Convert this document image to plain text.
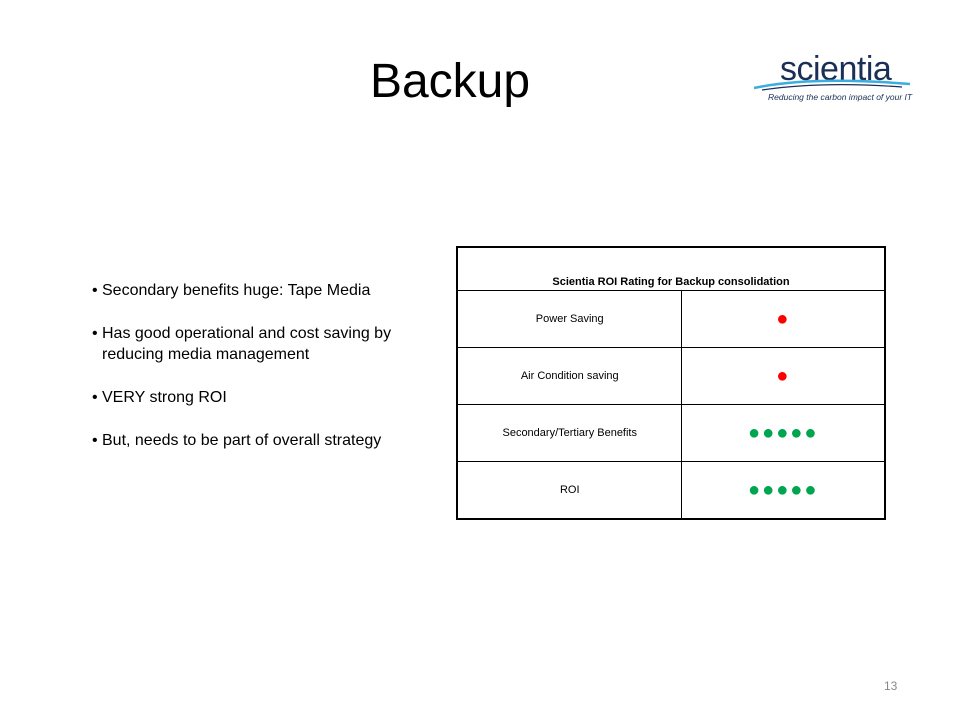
Backup	scientia
Reducing the carbon impact of your IT
• Secondary benefits huge: Tape Media
• Has good operational and cost saving by reducing media management
• VERY strong ROI
• But, needs to be part of overall strategy
Scientia ROI Rating for Backup consolidation	
Power Saving	●
Air Condition saving	●
Secondary/Tertiary Benefits	●●●●●
ROI	●●●●●
13
